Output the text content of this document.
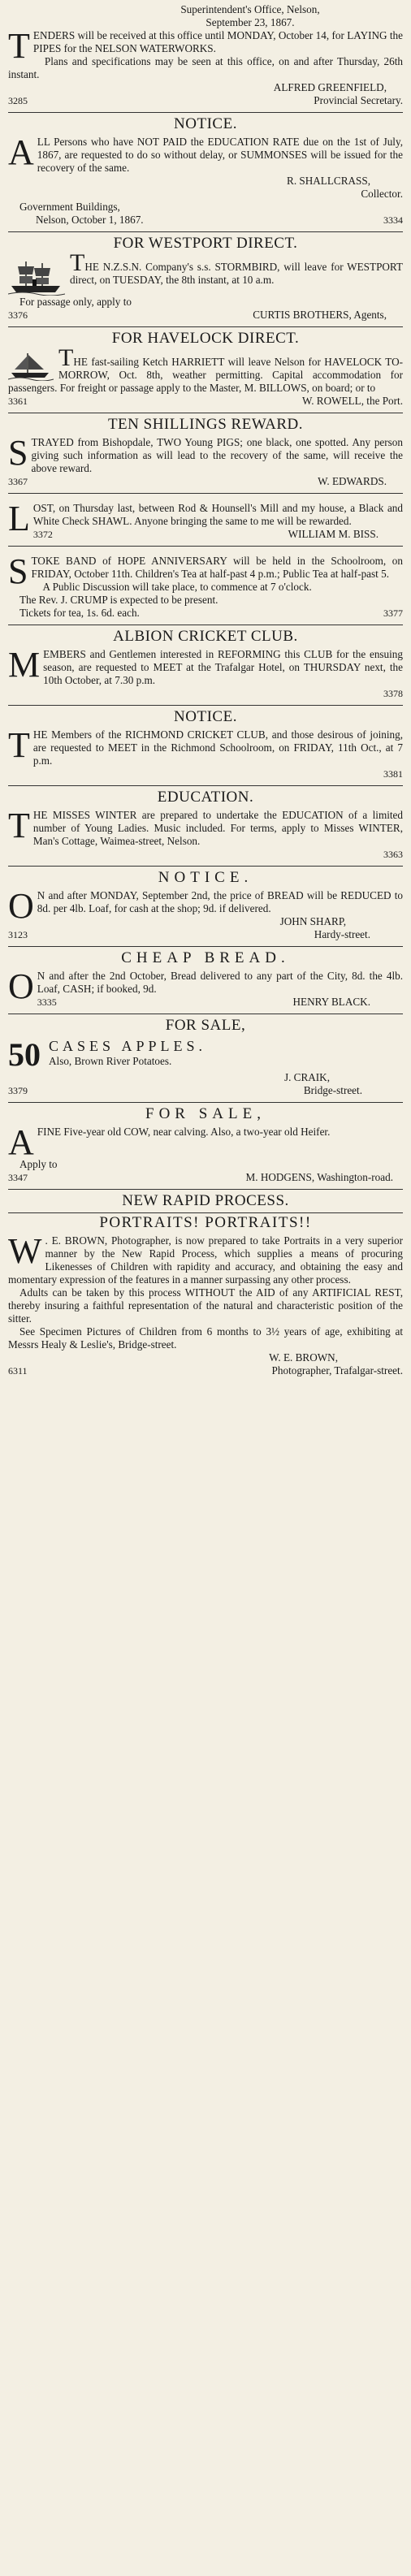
Superintendent's Office, Nelson,

September 23, 1867.

TENDERS will be received at this office until MONDAY, October 14, for LAYING the PIPES for the NELSON WATERWORKS.

Plans and specifications may be seen at this office, on and after Thursday, 26th instant.

ALFRED GREENFIELD,

3285	Provincial Secretary.

NOTICE.

ALL Persons who have NOT PAID the EDUCATION RATE due on the 1st of July, 1867, are requested to do so without delay, or SUMMONSES will be issued for the recovery of the same.

R. SHALLCRASS,

Collector.

Government Buildings,

Nelson, October 1, 1867.	3334

FOR WESTPORT DIRECT.

THE N.Z.S.N. Company's s.s. STORMBIRD, will leave for WESTPORT direct, on TUESDAY, the 8th instant, at 10 a.m.

For passage only, apply to

3376	CURTIS BROTHERS, Agents,

FOR HAVELOCK DIRECT.

THE fast-sailing Ketch HARRIETT will leave Nelson for HAVELOCK TO-MORROW, Oct. 8th, weather permitting. Capital accommodation for passengers. For freight or passage apply to the Master, M. BILLOWS, on board; or to

3361	W. ROWELL, the Port.

TEN SHILLINGS REWARD.

STRAYED from Bishopdale, TWO Young PIGS; one black, one spotted. Any person giving such information as will lead to the recovery of the same, will receive the above reward.

3367	W. EDWARDS.

LOST, on Thursday last, between Rod & Hounsell's Mill and my house, a Black and White Check SHAWL. Anyone bringing the same to me will be rewarded.

3372	WILLIAM M. BISS.

STOKE BAND of HOPE ANNIVERSARY will be held in the Schoolroom, on FRIDAY, October 11th. Children's Tea at half-past 4 p.m.; Public Tea at half-past 5.

A Public Discussion will take place, to commence at 7 o'clock.

The Rev. J. CRUMP is expected to be present.

Tickets for tea, 1s. 6d. each.	3377

ALBION CRICKET CLUB.

MEMBERS and Gentlemen interested in REFORMING this CLUB for the ensuing season, are requested to MEET at the Trafalgar Hotel, on THURSDAY next, the 10th October, at 7.30 p.m.

3378

NOTICE.

THE Members of the RICHMOND CRICKET CLUB, and those desirous of joining, are requested to MEET in the Richmond Schoolroom, on FRIDAY, 11th Oct., at 7 p.m.

3381

EDUCATION.

THE MISSES WINTER are prepared to undertake the EDUCATION of a limited number of Young Ladies. Music included. For terms, apply to Misses WINTER, Man's Cottage, Waimea-street, Nelson.

3363

NOTICE.

O N and after MONDAY, September 2nd, the price of BREAD will be REDUCED to 8d. per 4lb. Loaf, for cash at the shop; 9d. if delivered.

JOHN SHARP,

3123	Hardy-street.

CHEAP BREAD.

O N and after the 2nd October, Bread delivered to any part of the City, 8d. the 4lb. Loaf, CASH; if booked, 9d.

3335	HENRY BLACK.

FOR SALE,

50 CASES APPLES.

Also, Brown River Potatoes.

J. CRAIK,

3379	Bridge-street.

FOR SALE,

AFINE Five-year old COW, near calving. Also, a two-year old Heifer.

Apply to

3347	M. HODGENS, Washington-road.

NEW RAPID PROCESS.

PORTRAITS! PORTRAITS!!

W . E. BROWN, Photographer, is now prepared to take Portraits in a very superior manner by the New Rapid Process, which supplies a means of procuring Likenesses of Children with rapidity and accuracy, and obtaining the easy and momentary expression of the features in a manner surpassing any other process.

Adults can be taken by this process WITHOUT the AID of any ARTIFICIAL REST, thereby insuring a faithful representation of the natural and characteristic position of the sitter.

See Specimen Pictures of Children from 6 months to 3½ years of age, exhibiting at Messrs Healy & Leslie's, Bridge-street.

W. E. BROWN,

6311	Photographer, Trafalgar-street.
